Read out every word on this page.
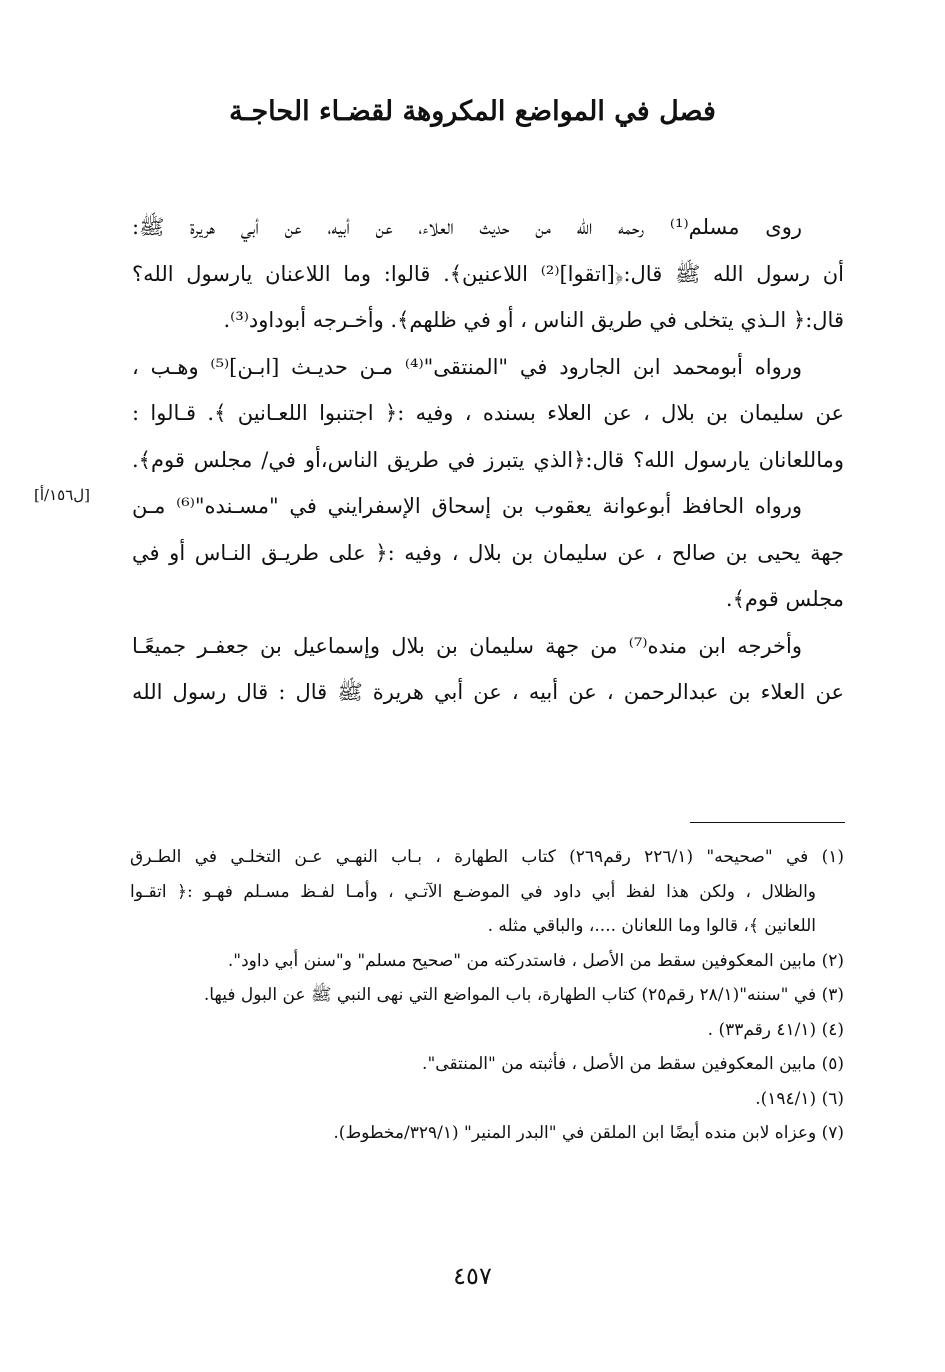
فصل في المواضع المكروهة لقضـاء الحاجـة
روى مسلم⁽¹⁾ رحمه الله من حديث العلاء، عن أبيه، عن أبي هريرة ﷺ:
أن رسول الله ﷺ قال:﴿[اتقوا]⁽²⁾ اللاعنين﴾. قالوا: وما اللاعنان يارسول الله؟
قال:﴿ الـذي يتخلى في طريق الناس ، أو في ظلهم﴾. وأخـرجه أبوداود⁽³⁾.
ورواه أبومحمد ابن الجارود في "المنتقى"⁽⁴⁾ مـن حديـث [ابـن]⁽⁵⁾ وهـب ،
عن سليمان بن بلال ، عن العلاء بسنده ، وفيه :﴿ اجتنبوا اللعـانين ﴾. قـالوا :
وماللعانان يارسول الله؟ قال:﴿الذي يتبرز في طريق الناس،أو في/ مجلس قوم﴾.
ورواه الحافظ أبوعوانة يعقوب بن إسحاق الإسفرايني في "مسـنده"⁽⁶⁾ مـن
جهة يحيى بن صالح ، عن سليمان بن بلال ، وفيه :﴿ على طريـق النـاس أو في
مجلس قوم﴾.
وأخرجه ابن منده⁽⁷⁾ من جهة سليمان بن بلال وإسماعيل بن جعفـر جميعًـا
عن العلاء بن عبدالرحمن ، عن أبيه ، عن أبي هريرة ﷺ قال : قال رسول الله
[ل١٥٦/أ]
(١) في "صحيحه" (٢٢٦/١ رقم٢٦٩) كتاب الطهارة ، بـاب النهـي عـن التخلـي في الطـرق
والظلال ، ولكن هذا لفظ أبي داود في الموضـع الآتـي ، وأمـا لفـظ مسـلم فهـو :﴿ اتقـوا
اللعانين ﴾، قالوا وما اللعانان ....، والباقي مثله .
(٢) مابين المعكوفين سقط من الأصل ، فاستدركته من "صحيح مسلم" و"سنن أبي داود".
(٣) في "سننه"(٢٨/١ رقم٢٥) كتاب الطهارة، باب المواضع التي نهى النبي ﷺ عن البول فيها.
(٤) (٤١/١ رقم٣٣) .
(٥) مابين المعكوفين سقط من الأصل ، فأثبته من "المنتقى".
(٦) (١٩٤/١).
(٧) وعزاه لابن منده أيضًا ابن الملقن في "البدر المنير" (٣٢٩/١/مخطوط).
٤٥٧
